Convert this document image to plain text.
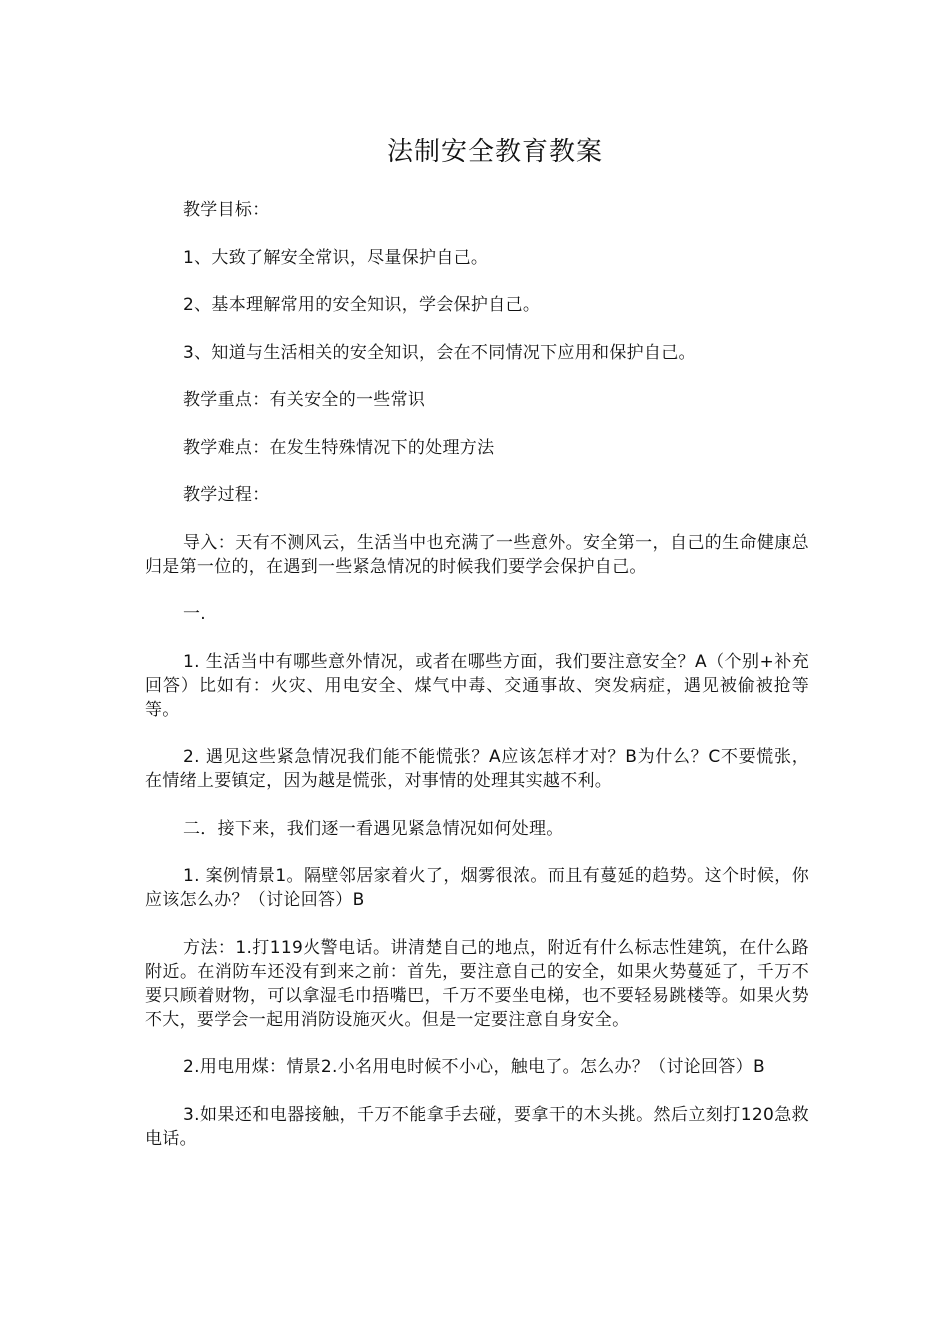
法制安全教育教案

教学目标：

1、大致了解安全常识，尽量保护自己。

2、基本理解常用的安全知识，学会保护自己。

3、知道与生活相关的安全知识，会在不同情况下应用和保护自己。

教学重点：有关安全的一些常识

教学难点：在发生特殊情况下的处理方法

教学过程：

导入：天有不测风云，生活当中也充满了一些意外。安全第一，自己的生命健康总归是第一位的，在遇到一些紧急情况的时候我们要学会保护自己。

一.

1. 生活当中有哪些意外情况，或者在哪些方面，我们要注意安全？A（个别+补充回答）比如有：火灾、用电安全、煤气中毒、交通事故、突发病症，遇见被偷被抢等等。

2. 遇见这些紧急情况我们能不能慌张？A应该怎样才对？B为什么？C不要慌张，在情绪上要镇定，因为越是慌张，对事情的处理其实越不利。

二．接下来，我们逐一看遇见紧急情况如何处理。

1. 案例情景1。隔壁邻居家着火了，烟雾很浓。而且有蔓延的趋势。这个时候，你应该怎么办？（讨论回答）B

方法：1.打119火警电话。讲清楚自己的地点，附近有什么标志性建筑，在什么路附近。在消防车还没有到来之前：首先，要注意自己的安全，如果火势蔓延了，千万不要只顾着财物，可以拿湿毛巾捂嘴巴，千万不要坐电梯，也不要轻易跳楼等。如果火势不大，要学会一起用消防设施灭火。但是一定要注意自身安全。

2.用电用煤：情景2.小名用电时候不小心，触电了。怎么办？（讨论回答）B

3.如果还和电器接触，千万不能拿手去碰，要拿干的木头挑。然后立刻打120急救电话。
